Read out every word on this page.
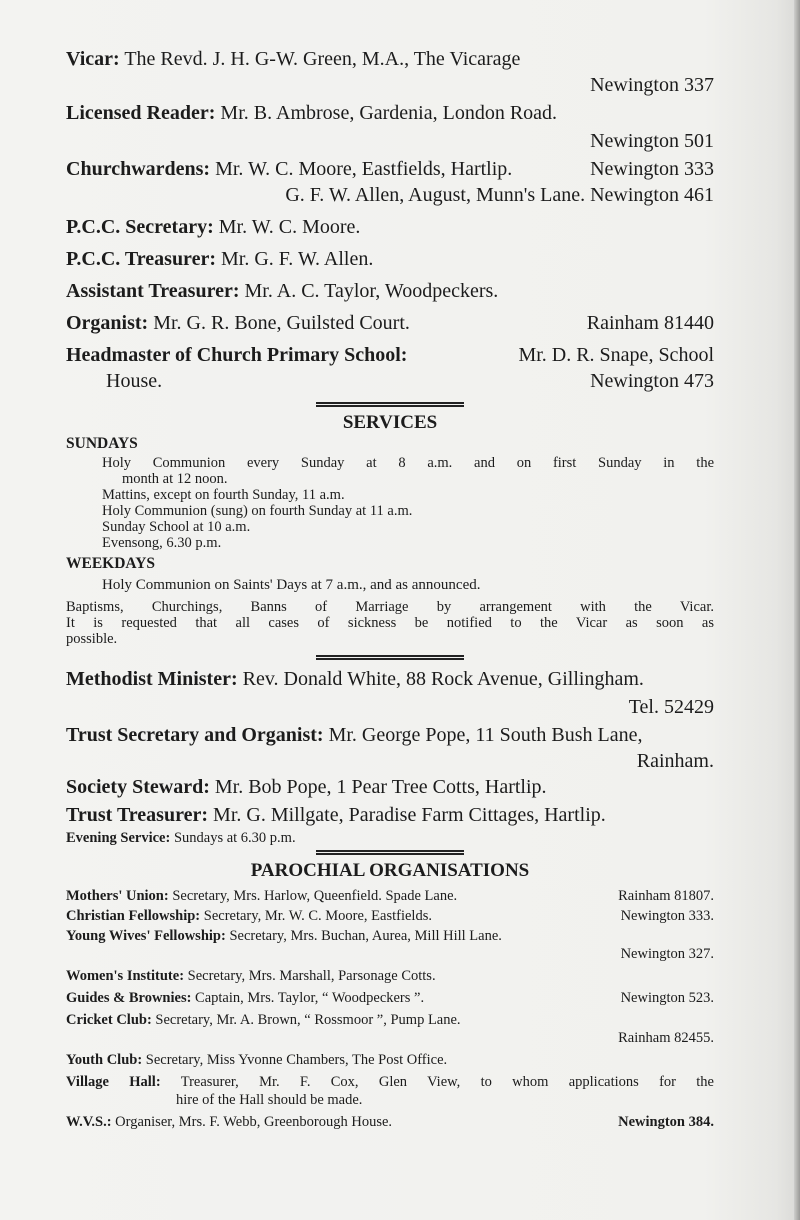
Vicar: The Revd. J. H. G-W. Green, M.A., The Vicarage
Newington 337
Licensed Reader: Mr. B. Ambrose, Gardenia, London Road.
Newington 501
Churchwardens: Mr. W. C. Moore, Eastfields, Hartlip.	Newington 333
G. F. W. Allen, August, Munn's Lane. Newington 461
P.C.C. Secretary: Mr. W. C. Moore.
P.C.C. Treasurer: Mr. G. F. W. Allen.
Assistant Treasurer: Mr. A. C. Taylor, Woodpeckers.
Organist: Mr. G. R. Bone, Guilsted Court.	Rainham 81440
Headmaster of Church Primary School:	Mr. D. R. Snape, School
House.	Newington 473
SERVICES
SUNDAYS
Holy Communion every Sunday at 8 a.m. and on first Sunday in the
month at 12 noon.
Mattins, except on fourth Sunday, 11 a.m.
Holy Communion (sung) on fourth Sunday at 11 a.m.
Sunday School at 10 a.m.
Evensong, 6.30 p.m.
WEEKDAYS
Holy Communion on Saints' Days at 7 a.m., and as announced.
Baptisms, Churchings, Banns of Marriage by arrangement with the Vicar.
It is requested that all cases of sickness be notified to the Vicar as soon as
possible.
Methodist Minister: Rev. Donald White, 88 Rock Avenue, Gillingham.
Tel. 52429
Trust Secretary and Organist: Mr. George Pope, 11 South Bush Lane,
Rainham.
Society Steward: Mr. Bob Pope, 1 Pear Tree Cotts, Hartlip.
Trust Treasurer: Mr. G. Millgate, Paradise Farm Cittages, Hartlip.
Evening Service: Sundays at 6.30 p.m.
PAROCHIAL ORGANISATIONS
Mothers' Union: Secretary, Mrs. Harlow, Queenfield. Spade Lane.	Rainham 81807.
Christian Fellowship: Secretary, Mr. W. C. Moore, Eastfields.	Newington 333.
Young Wives' Fellowship: Secretary, Mrs. Buchan, Aurea, Mill Hill Lane.
Newington 327.
Women's Institute: Secretary, Mrs. Marshall, Parsonage Cotts.
Guides & Brownies: Captain, Mrs. Taylor, “ Woodpeckers ”.	Newington 523.
Cricket Club: Secretary, Mr. A. Brown, “ Rossmoor ”, Pump Lane.
Rainham 82455.
Youth Club: Secretary, Miss Yvonne Chambers, The Post Office.
Village Hall: Treasurer, Mr. F. Cox, Glen View, to whom applications for the
hire of the Hall should be made.
W.V.S.: Organiser, Mrs. F. Webb, Greenborough House.	Newington 384.
